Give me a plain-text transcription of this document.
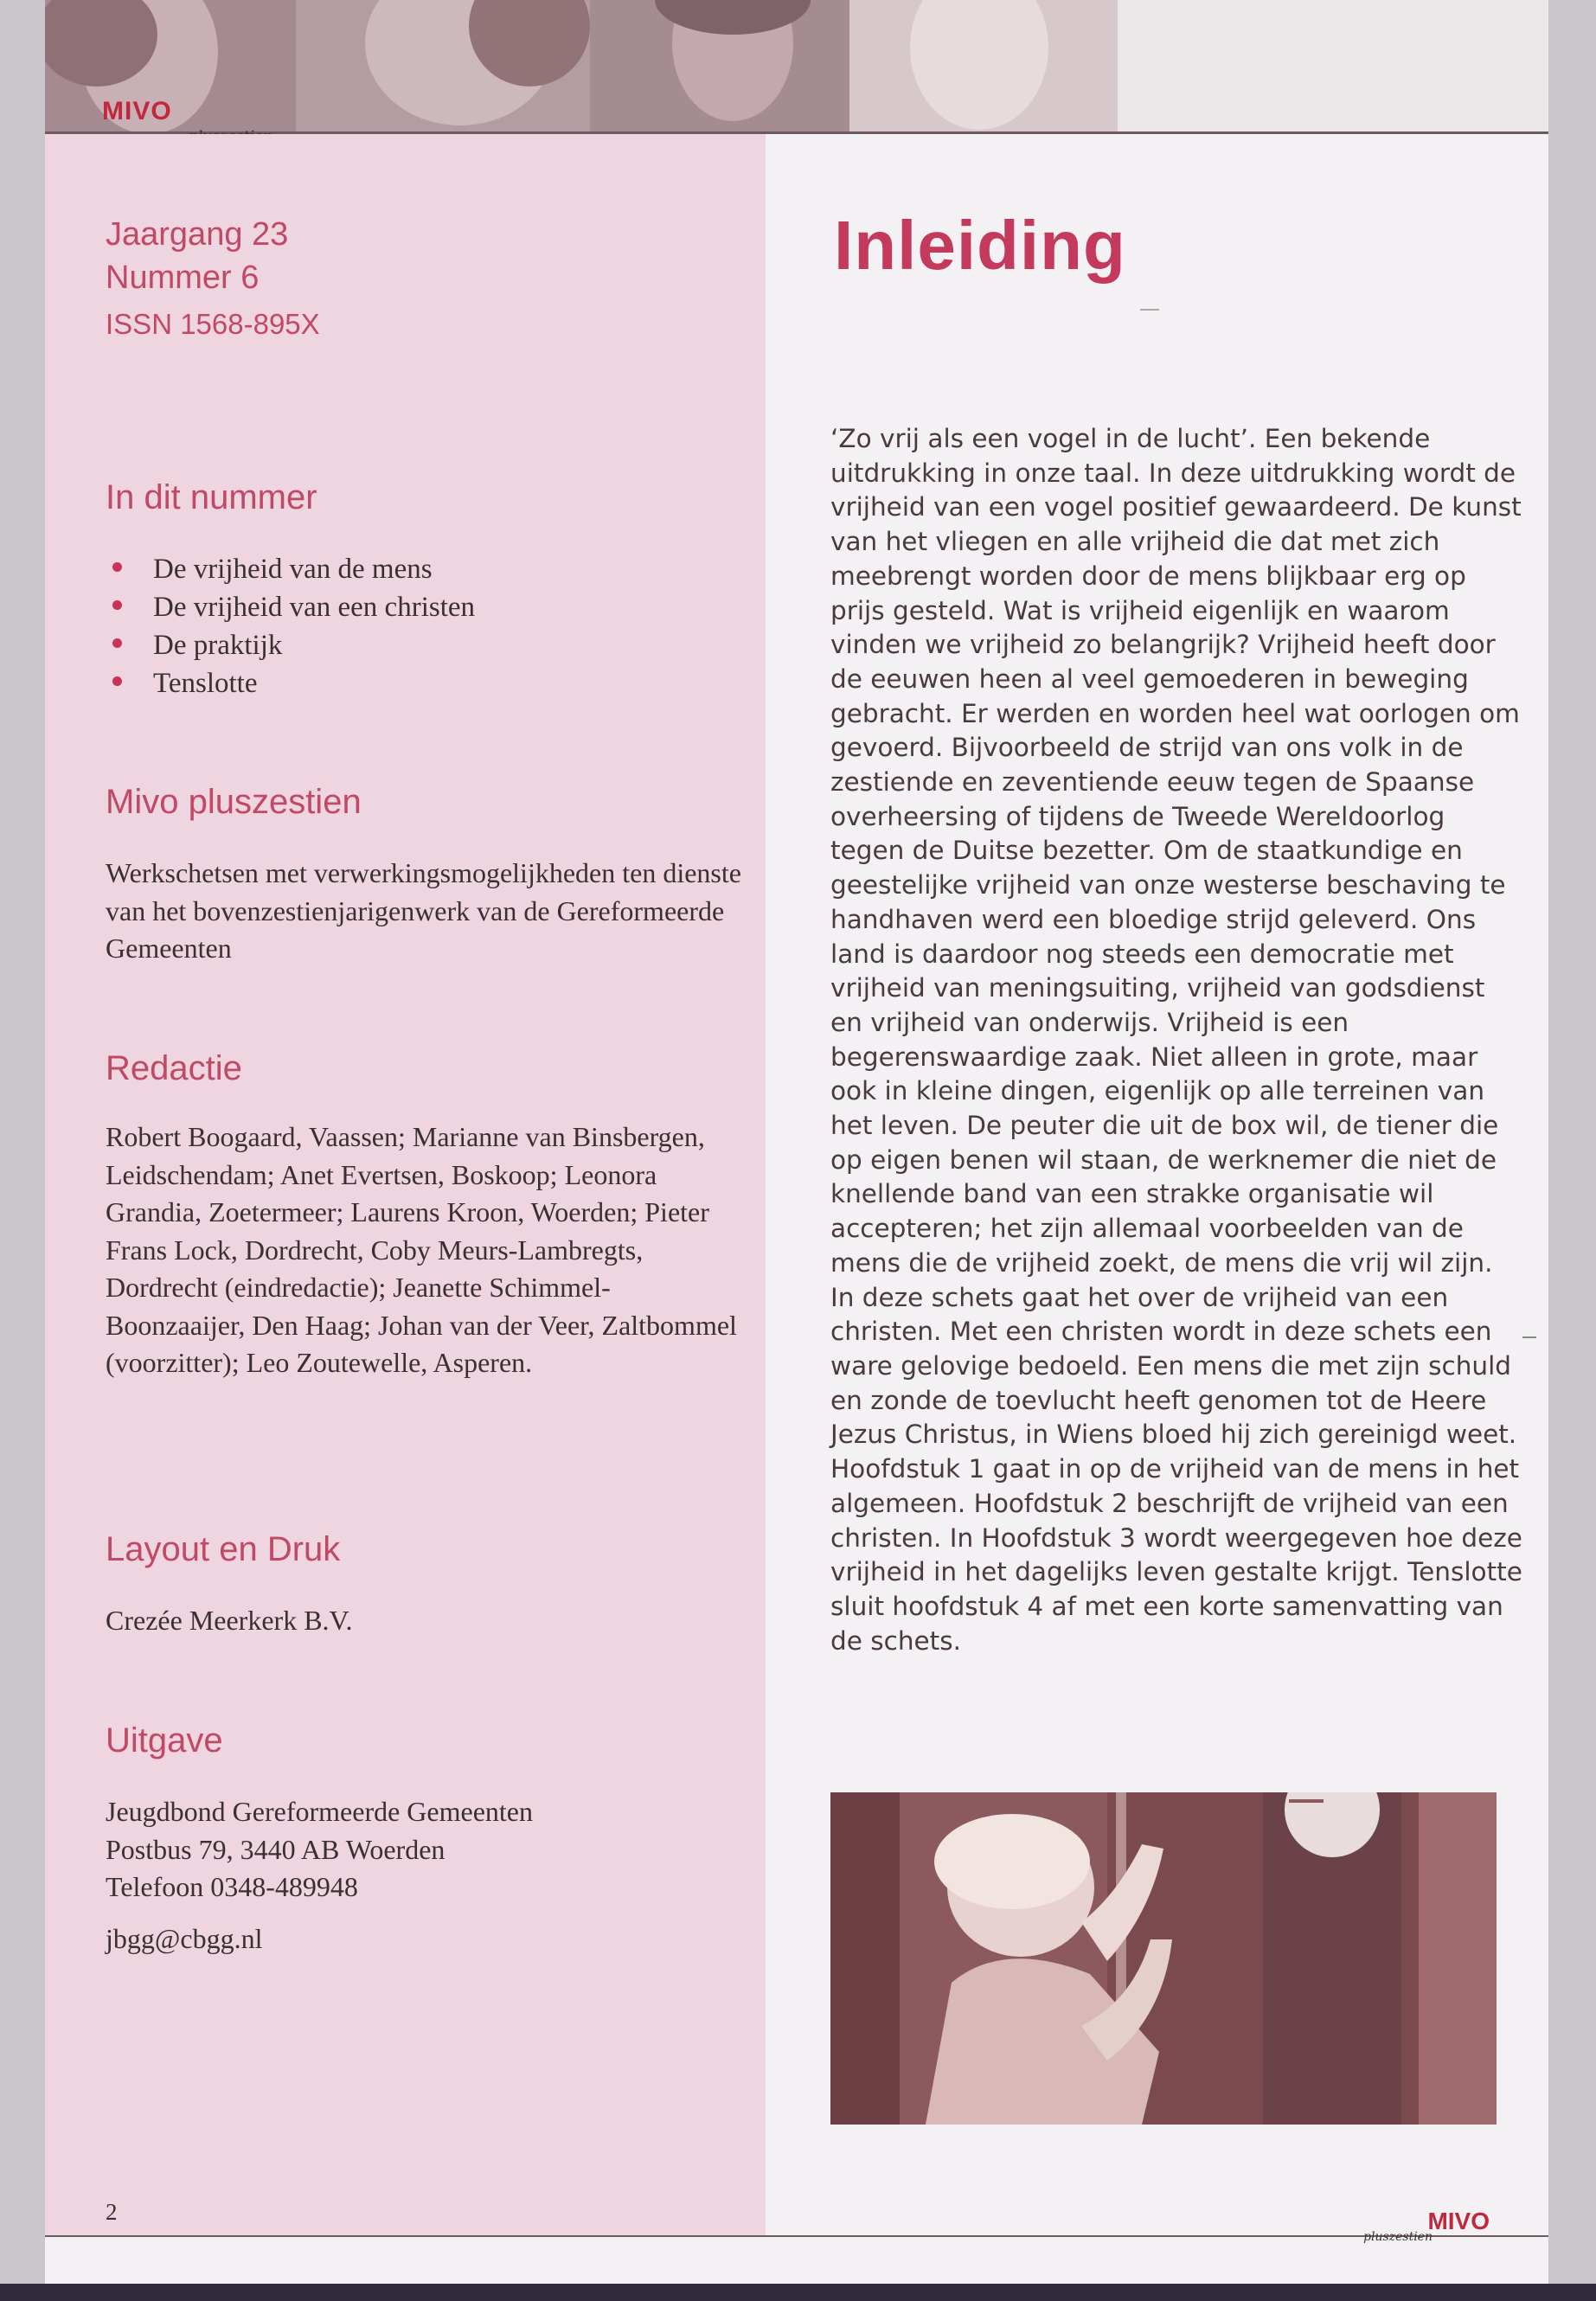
MIVO
Jaargang 23
Nummer 6
ISSN 1568-895X
In dit nummer
De vrijheid van de mens
De vrijheid van een christen
De praktijk
Tenslotte
Mivo pluszestien
Werkschetsen met verwerkingsmogelijkheden ten dienste van het bovenzestienjarigenwerk van de Gereformeerde Gemeenten
Redactie
Robert Boogaard, Vaassen; Marianne van Binsbergen, Leidschendam; Anet Evertsen, Boskoop; Leonora Grandia, Zoetermeer; Laurens Kroon, Woerden; Pieter Frans Lock, Dordrecht, Coby Meurs-Lambregts, Dordrecht (eindredactie); Jeanette Schimmel-Boonzaaijer, Den Haag; Johan van der Veer, Zaltbommel (voorzitter); Leo Zoutewelle, Asperen.
Layout en Druk
Crezée Meerkerk B.V.
Uitgave
Jeugdbond Gereformeerde Gemeenten
Postbus 79, 3440 AB Woerden
Telefoon 0348-489948
jbgg@cbgg.nl
Inleiding

‘Zo vrij als een vogel in de lucht’. Een bekende uitdrukking in onze taal. In deze uitdrukking wordt de vrijheid van een vogel positief gewaardeerd. De kunst van het vliegen en alle vrijheid die dat met zich meebrengt worden door de mens blijkbaar erg op prijs gesteld. Wat is vrijheid eigenlijk en waarom vinden we vrijheid zo belangrijk? Vrijheid heeft door de eeuwen heen al veel gemoederen in beweging gebracht. Er werden en worden heel wat oorlogen om gevoerd. Bijvoorbeeld de strijd van ons volk in de zestiende en zeventiende eeuw tegen de Spaanse overheersing of tijdens de Tweede Wereldoorlog tegen de Duitse bezetter. Om de staatkundige en geestelijke vrijheid van onze westerse beschaving te handhaven werd een bloedige strijd geleverd. Ons land is daardoor nog steeds een democratie met vrijheid van meningsuiting, vrijheid van godsdienst en vrijheid van onderwijs. Vrijheid is een begerenswaardige zaak. Niet alleen in grote, maar ook in kleine dingen, eigenlijk op alle terreinen van het leven. De peuter die uit de box wil, de tiener die op eigen benen wil staan, de werknemer die niet de knellende band van een strakke organisatie wil accepteren; het zijn allemaal voorbeelden van de mens die de vrijheid zoekt, de mens die vrij wil zijn. In deze schets gaat het over de vrijheid van een christen. Met een christen wordt in deze schets een ware gelovige bedoeld. Een mens die met zijn schuld en zonde de toevlucht heeft genomen tot de Heere Jezus Christus, in Wiens bloed hij zich gereinigd weet.

Hoofdstuk 1 gaat in op de vrijheid van de mens in het algemeen. Hoofdstuk 2 beschrijft de vrijheid van een christen. In Hoofdstuk 3 wordt weergegeven hoe deze vrijheid in het dagelijks leven gestalte krijgt. Tenslotte sluit hoofdstuk 4 af met een korte samenvatting van de schets.

2	MIVO
pluszestien
